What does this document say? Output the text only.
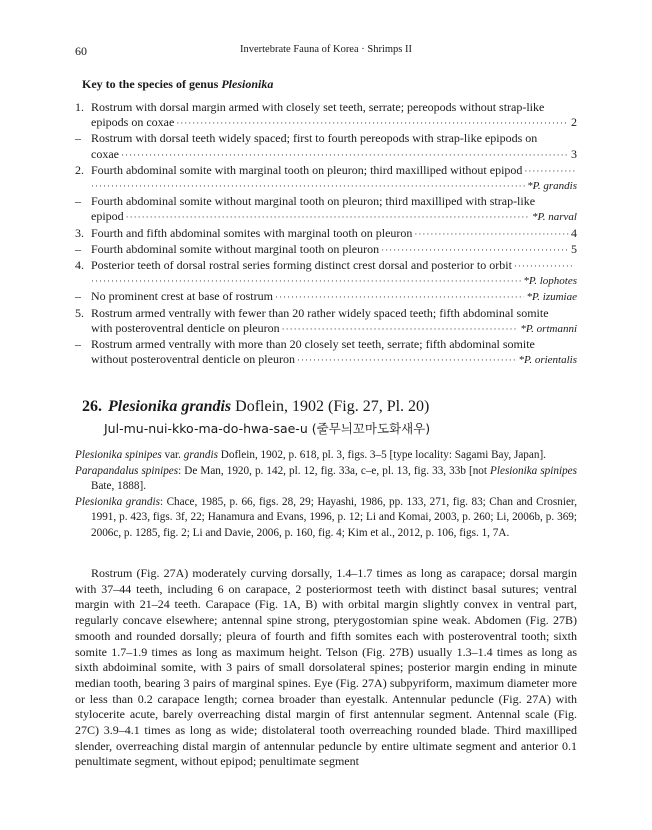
60	Invertebrate Fauna of Korea · Shrimps II
Key to the species of genus Plesionika
1. Rostrum with dorsal margin armed with closely set teeth, serrate; pereopods without strap-like
epipods on coxae ·····	2
– Rostrum with dorsal teeth widely spaced; first to fourth pereopods with strap-like epipods on
coxae ·····	3
2. Fourth abdominal somite with marginal tooth on pleuron; third maxilliped without epipod
·····
·····
*P. grandis
– Fourth abdominal somite without marginal tooth on pleuron; third maxilliped with strap-like
epipod ·····	*P. narval
3. Fourth and fifth abdominal somites with marginal tooth on pleuron ·····	4
– Fourth abdominal somite without marginal tooth on pleuron ·····	5
4. Posterior teeth of dorsal rostral series forming distinct crest dorsal and posterior to orbit
·····
·····
*P. lophotes
– No prominent crest at base of rostrum ·····	*P. izumiae
5. Rostrum armed ventrally with fewer than 20 rather widely spaced teeth; fifth abdominal somite
with posteroventral denticle on pleuron ·····	*P. ortmanni
– Rostrum armed ventrally with more than 20 closely set teeth, serrate; fifth abdominal somite
without posteroventral denticle on pleuron ·····	*P. orientalis
26. Plesionika grandis Doflein, 1902 (Fig. 27, Pl. 20)
Jul-mu-nui-kko-ma-do-hwa-sae-u (줄무늬꼬마도화새우)

Plesionika spinipes var. grandis Doflein, 1902, p. 618, pl. 3, figs. 3–5 [type locality: Sagami Bay, Japan].

Parapandalus spinipes: De Man, 1920, p. 142, pl. 12, fig. 33a, c–e, pl. 13, fig. 33, 33b [not Plesionika spinipes Bate, 1888].

Plesionika grandis: Chace, 1985, p. 66, figs. 28, 29; Hayashi, 1986, pp. 133, 271, fig. 83; Chan and Crosnier, 1991, p. 423, figs. 3f, 22; Hanamura and Evans, 1996, p. 12; Li and Komai, 2003, p. 260; Li, 2006b, p. 369; 2006c, p. 1285, fig. 2; Li and Davie, 2006, p. 160, fig. 4; Kim et al., 2012, p. 106, figs. 1, 7A.

Rostrum (Fig. 27A) moderately curving dorsally, 1.4–1.7 times as long as carapace; dorsal margin with 37–44 teeth, including 6 on carapace, 2 posteriormost teeth with distinct basal sutures; ventral margin with 21–24 teeth. Carapace (Fig. 1A, B) with orbital margin slightly convex in ventral part, regularly concave elsewhere; antennal spine strong, pterygostomian spine weak. Abdomen (Fig. 27B) smooth and rounded dorsally; pleura of fourth and fifth somites each with posteroventral tooth; sixth somite 1.7–1.9 times as long as maximum height. Telson (Fig. 27B) usually 1.3–1.4 times as long as sixth abdoiminal somite, with 3 pairs of small dorsolateral spines; posterior margin ending in minute median tooth, bearing 3 pairs of marginal spines. Eye (Fig. 27A) subpyriform, maximum diameter more or less than 0.2 carapace length; cornea broader than eyestalk. Antennular peduncle (Fig. 27A) with stylocerite acute, barely overreaching distal margin of first antennular segment. Antennal scale (Fig. 27C) 3.9–4.1 times as long as wide; distolateral tooth overreaching rounded blade. Third maxilliped slender, overreaching distal margin of antennular peduncle by entire ultimate segment and anterior 0.1 penultimate segment, without epipod; penultimate segment
